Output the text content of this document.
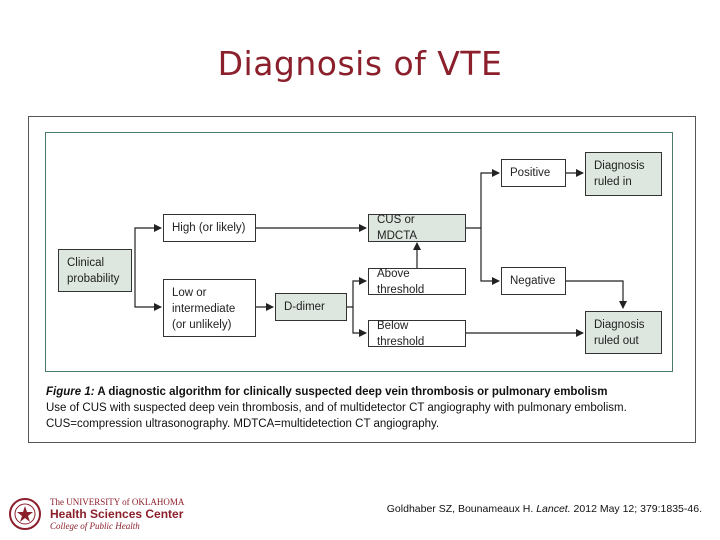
Diagnosis of VTE
Clinical probability
High (or likely)
Low or intermediate (or unlikely)
D-dimer
CUS or MDCTA
Above threshold
Below threshold
Positive
Negative
Diagnosis ruled in
Diagnosis ruled out
Figure 1: A diagnostic algorithm for clinically suspected deep vein thrombosis or pulmonary embolism
Use of CUS with suspected deep vein thrombosis, and of multidetector CT angiography with pulmonary embolism.
CUS=compression ultrasonography. MDTCA=multidetection CT angiography.
The UNIVERSITY of OKLAHOMA
Health Sciences Center
College of Public Health
Goldhaber SZ, Bounameaux H. Lancet. 2012 May 12; 379:1835-46.
